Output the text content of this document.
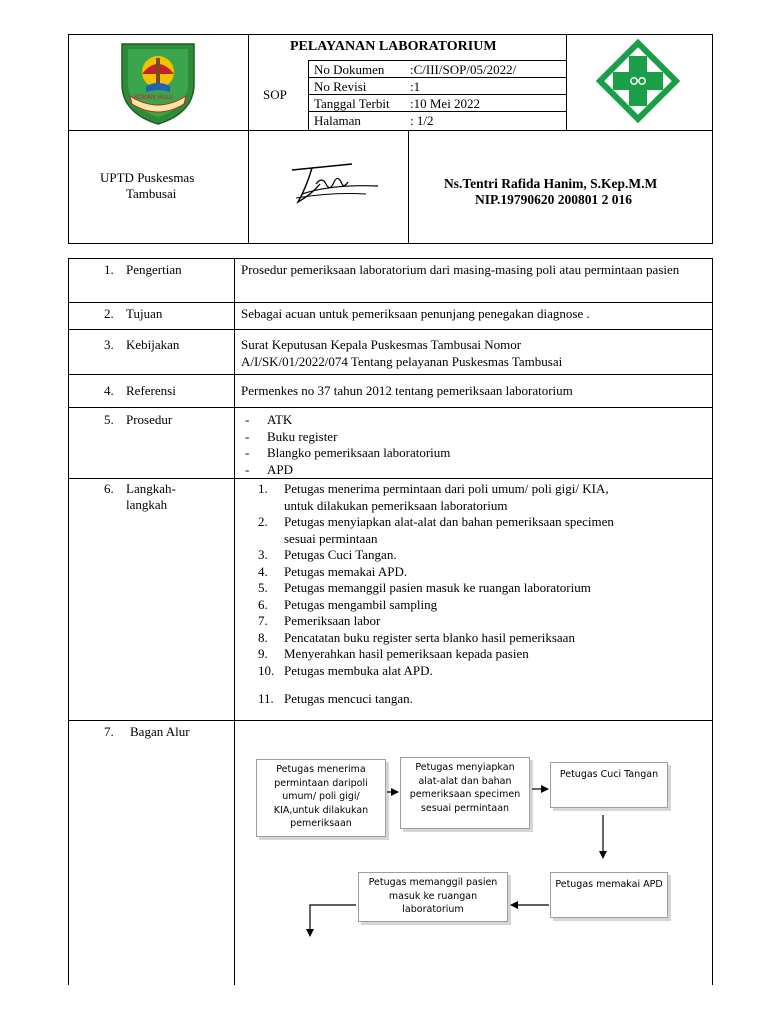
ROKAN HULU
PELAYANAN LABORATORIUM
SOP
No Dokumen :C/III/SOP/05/2022/
No Revisi	:1
Tanggal Terbit :10 Mei 2022
Halaman	: 1/2
UPTD Puskesmas
Tambusai
Ns.Tentri Rafida Hanim, S.Kep.M.M
NIP.19790620 200801 2 016
1. Pengertian	Prosedur pemeriksaan laboratorium dari masing-masing poli atau permintaan pasien
2. Tujuan	Sebagai acuan untuk pemeriksaan penunjang penegakan diagnose .
3. Kebijakan	Surat Keputusan Kepala Puskesmas Tambusai Nomor
A/I/SK/01/2022/074 Tentang pelayanan Puskesmas Tambusai
4. Referensi	Permenkes no 37 tahun 2012 tentang pemeriksaan laboratorium
5. Prosedur
-	ATK
- Buku register
- Blangko pemeriksaan laboratorium
- APD
6. Langkah-
langkah
1. Petugas menerima permintaan dari poli umum/ poli gigi/ KIA,
untuk dilakukan pemeriksaan laboratorium
2. Petugas menyiapkan alat-alat dan bahan pemeriksaan specimen
sesuai permintaan
3. Petugas Cuci Tangan.
4. Petugas memakai APD.
5. Petugas memanggil pasien masuk ke ruangan laboratorium
6. Petugas mengambil sampling
7. Pemeriksaan labor
8. Pencatatan buku register serta blanko hasil pemeriksaan
9. Menyerahkan hasil pemeriksaan kepada pasien
10. Petugas membuka alat APD.
11. Petugas mencuci tangan.
7. Bagan Alur
Petugas menerima permintaan daripoli umum/ poli gigi/ KIA,untuk dilakukan pemeriksaan
Petugas menyiapkan alat-alat dan bahan pemeriksaan specimen sesuai permintaan
Petugas Cuci Tangan
Petugas memakai APD
Petugas memanggil pasien masuk ke ruangan laboratorium
